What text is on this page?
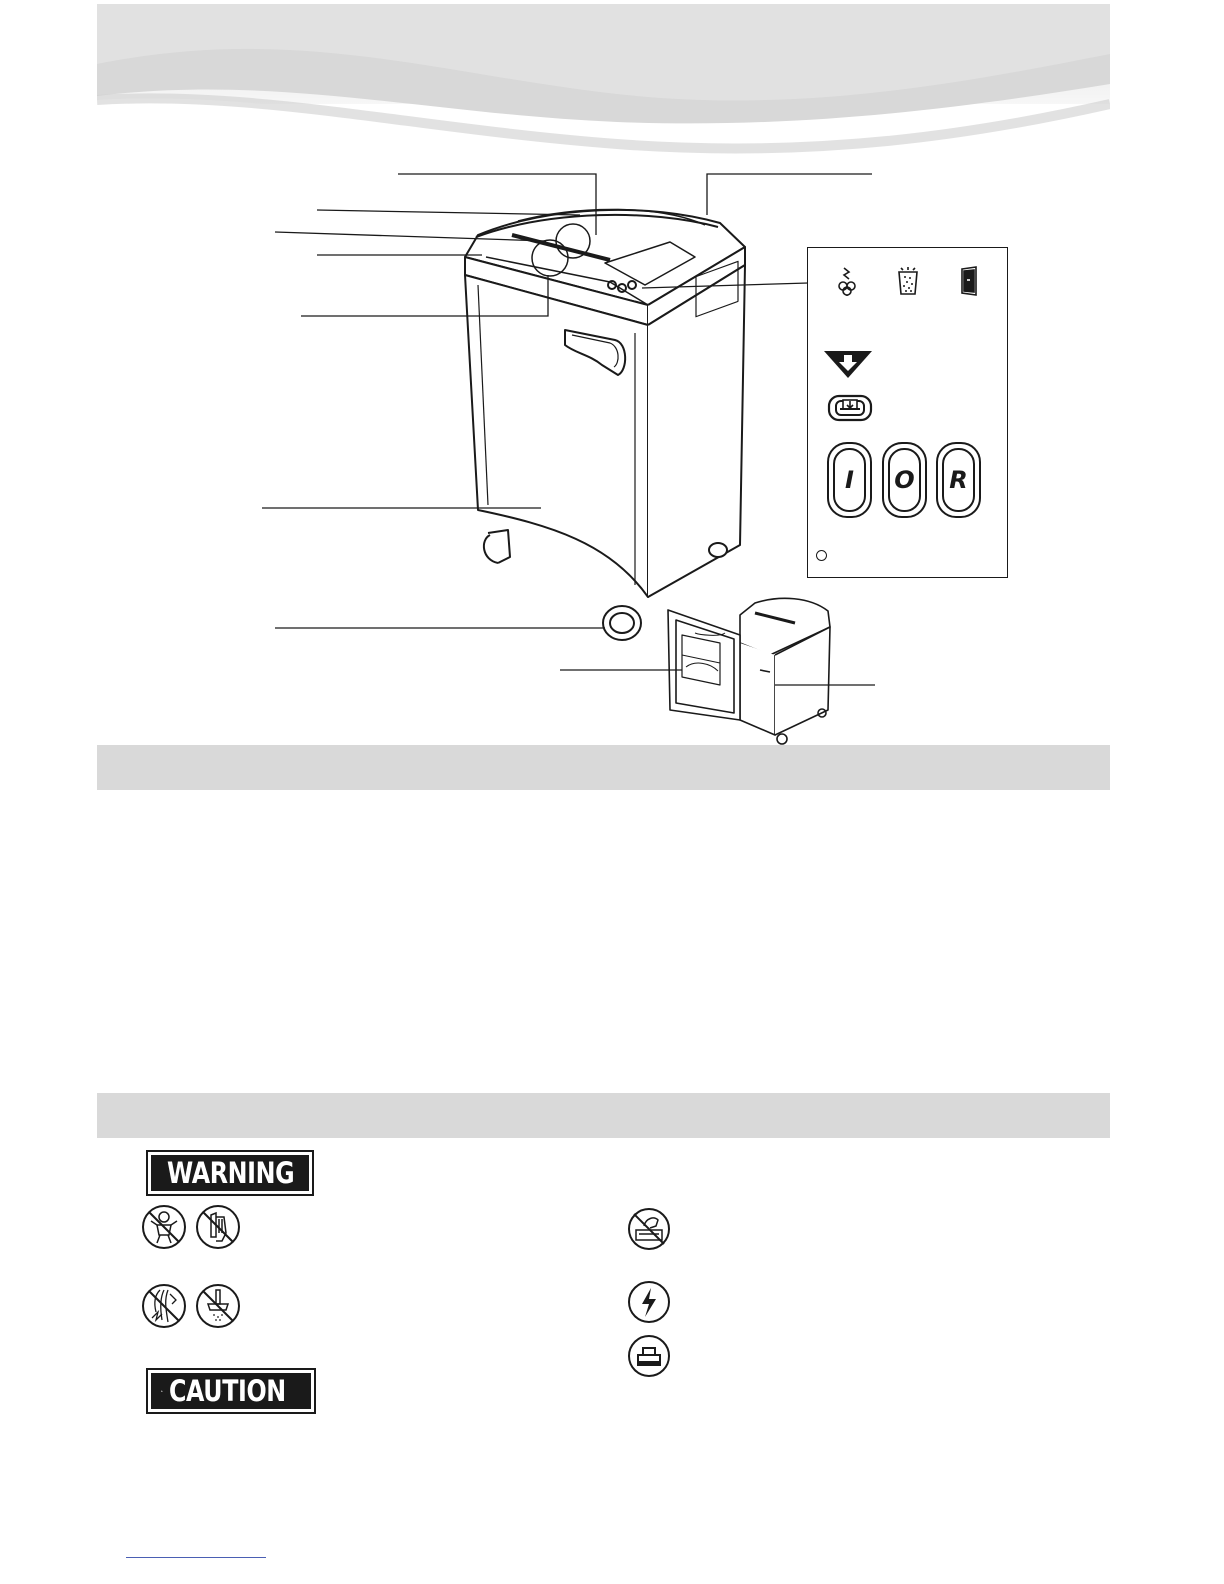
I	O	R
WARNING
CAUTION
